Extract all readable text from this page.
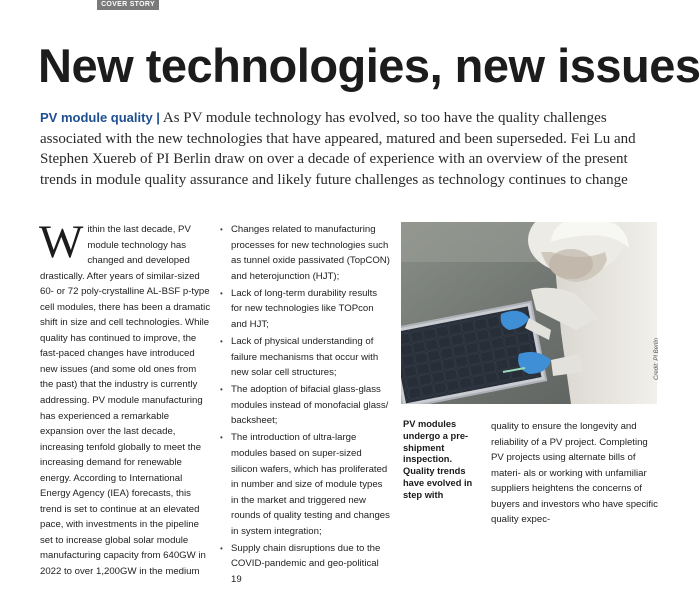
COVER STORY
New technologies, new issues

PV module quality | As PV module technology has evolved, so too have the quality challenges associated with the new technologies that have appeared, matured and been superseded. Fei Lu and Stephen Xuereb of PI Berlin draw on over a decade of experience with an overview of the present trends in module quality assurance and likely future challenges as technology continues to change

Within the last decade, PV module technology has changed and developed drastically. After years of similar-sized 60- or 72 poly-crystalline AL-BSF p-type cell modules, there has been a dramatic shift in size and cell technologies. While quality has continued to improve, the fast-paced changes have introduced new issues (and some old ones from the past) that the industry is currently addressing. PV module manufacturing has experienced a remarkable expansion over the last decade, increasing tenfold globally to meet the increasing demand for renewable energy. According to International Energy Agency (IEA) forecasts, this trend is set to continue at an elevated pace, with investments in the pipeline set to increase global solar module manufacturing capacity from 640GW in 2022 to over 1,200GW in the medium

• Changes related to manufacturing processes for new technologies such as tunnel oxide passivated (TopCON) and heterojunction (HJT);
• Lack of long-term durability results for new technologies like TOPcon and HJT;
• Lack of physical understanding of failure mechanisms that occur with new solar cell structures;
• The adoption of bifacial glass-glass modules instead of monofacial glass/ backsheet;
• The introduction of ultra-large modules based on super-sized silicon wafers, which has proliferated in number and size of module types in the market and triggered new rounds of quality testing and changes in system integration;
• Supply chain disruptions due to the COVID-pandemic and geo-political 19
Credit: PI Berlin

PV modules undergo a pre-shipment inspection. Quality trends have evolved in step with

quality to ensure the longevity and reliability of a PV project. Completing PV projects using alternate bills of materi- als or working with unfamiliar suppliers heightens the concerns of buyers and investors who have specific quality expec-
